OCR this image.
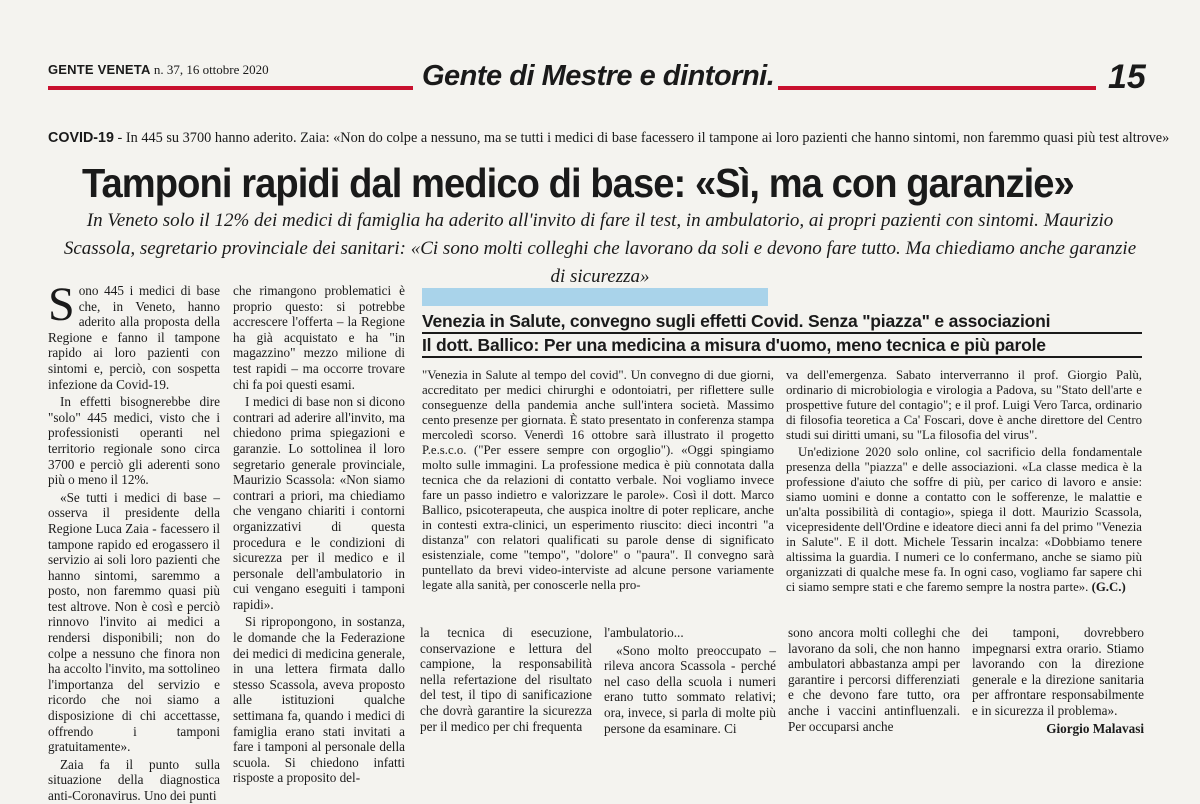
GENTE VENETA n. 37, 16 ottobre 2020	Gente di Mestre e dintorni.	15
COVID-19 - In 445 su 3700 hanno aderito. Zaia: «Non do colpe a nessuno, ma se tutti i medici di base facessero il tampone ai loro pazienti che hanno sintomi, non faremmo quasi più test altrove»
Tamponi rapidi dal medico di base: «Sì, ma con garanzie»
In Veneto solo il 12% dei medici di famiglia ha aderito all'invito di fare il test, in ambulatorio, ai propri pazienti con sintomi. Maurizio Scassola, segretario provinciale dei sanitari: «Ci sono molti colleghi che lavorano da soli e devono fare tutto. Ma chiediamo anche garanzie di sicurezza»

Sono 445 i medici di base che, in Veneto, hanno aderito alla proposta della Regione e fanno il tampone rapido ai loro pazienti con sintomi e, perciò, con sospetta infezione da Covid-19.

In effetti bisognerebbe dire "solo" 445 medici, visto che i professionisti operanti nel territorio regionale sono circa 3700 e perciò gli aderenti sono più o meno il 12%.

«Se tutti i medici di base – osserva il presidente della Regione Luca Zaia - facessero il tampone rapido ed erogassero il servizio ai soli loro pazienti che hanno sintomi, saremmo a posto, non faremmo quasi più test altrove. Non è così e perciò rinnovo l'invito ai medici a rendersi disponibili; non do colpe a nessuno che finora non ha accolto l'invito, ma sottolineo l'importanza del servizio e ricordo che noi siamo a disposizione di chi accettasse, offrendo i tamponi gratuitamente».

Zaia fa il punto sulla situazione della diagnostica anti-Coronavirus. Uno dei punti

che rimangono problematici è proprio questo: si potrebbe accrescere l'offerta – la Regione ha già acquistato e ha "in magazzino" mezzo milione di test rapidi – ma occorre trovare chi fa poi questi esami.

I medici di base non si dicono contrari ad aderire all'invito, ma chiedono prima spiegazioni e garanzie. Lo sottolinea il loro segretario generale provinciale, Maurizio Scassola: «Non siamo contrari a priori, ma chiediamo che vengano chiariti i contorni organizzativi di questa procedura e le condizioni di sicurezza per il medico e il personale dell'ambulatorio in cui vengano eseguiti i tamponi rapidi».

Si ripropongono, in sostanza, le domande che la Federazione dei medici di medicina generale, in una lettera firmata dallo stesso Scassola, aveva proposto alle istituzioni qualche settimana fa, quando i medici di famiglia erano stati invitati a fare i tamponi al personale della scuola. Si chiedono infatti risposte a proposito del-

Venezia in Salute, convegno sugli effetti Covid. Senza "piazza" e associazioni
Il dott. Ballico: Per una medicina a misura d'uomo, meno tecnica e più parole

"Venezia in Salute al tempo del covid". Un convegno di due giorni, accreditato per medici chirurghi e odontoiatri, per riflettere sulle conseguenze della pandemia anche sull'intera società. Massimo cento presenze per giornata. È stato presentato in conferenza stampa mercoledì scorso. Venerdì 16 ottobre sarà illustrato il progetto P.e.s.c.o. ("Per essere sempre con orgoglio"). «Oggi spingiamo molto sulle immagini. La professione medica è più connotata dalla tecnica che da relazioni di contatto verbale. Noi vogliamo invece fare un passo indietro e valorizzare le parole». Così il dott. Marco Ballico, psicoterapeuta, che auspica inoltre di poter replicare, anche in contesti extra-clinici, un esperimento riuscito: dieci incontri "a distanza" con relatori qualificati su parole dense di significato esistenziale, come "tempo", "dolore" o "paura". Il convegno sarà puntellato da brevi video-interviste ad alcune persone variamente legate alla sanità, per conoscerle nella pro-

va dell'emergenza. Sabato interverranno il prof. Giorgio Palù, ordinario di microbiologia e virologia a Padova, su "Stato dell'arte e prospettive future del contagio"; e il prof. Luigi Vero Tarca, ordinario di filosofia teoretica a Ca' Foscari, dove è anche direttore del Centro studi sui diritti umani, su "La filosofia del virus".

Un'edizione 2020 solo online, col sacrificio della fondamentale presenza della "piazza" e delle associazioni. «La classe medica è la professione d'aiuto che soffre di più, per carico di lavoro e ansie: siamo uomini e donne a contatto con le sofferenze, le malattie e un'alta possibilità di contagio», spiega il dott. Maurizio Scassola, vicepresidente dell'Ordine e ideatore dieci anni fa del primo "Venezia in Salute". E il dott. Michele Tessarin incalza: «Dobbiamo tenere altissima la guardia. I numeri ce lo confermano, anche se siamo più organizzati di qualche mese fa. In ogni caso, vogliamo far sapere chi ci siamo sempre stati e che faremo sempre la nostra parte». (G.C.)

la tecnica di esecuzione, conservazione e lettura del campione, la responsabilità nella refertazione del risultato del test, il tipo di sanificazione che dovrà garantire la sicurezza per il medico per chi frequenta

l'ambulatorio...

«Sono molto preoccupato – rileva ancora Scassola - perché nel caso della scuola i numeri erano tutto sommato relativi; ora, invece, si parla di molte più persone da esaminare. Ci

sono ancora molti colleghi che lavorano da soli, che non hanno ambulatori abbastanza ampi per garantire i percorsi differenziati e che devono fare tutto, ora anche i vaccini antinfluenzali. Per occuparsi anche

dei tamponi, dovrebbero impegnarsi extra orario. Stiamo lavorando con la direzione generale e la direzione sanitaria per affrontare responsabilmente e in sicurezza il problema».

Giorgio Malavasi
